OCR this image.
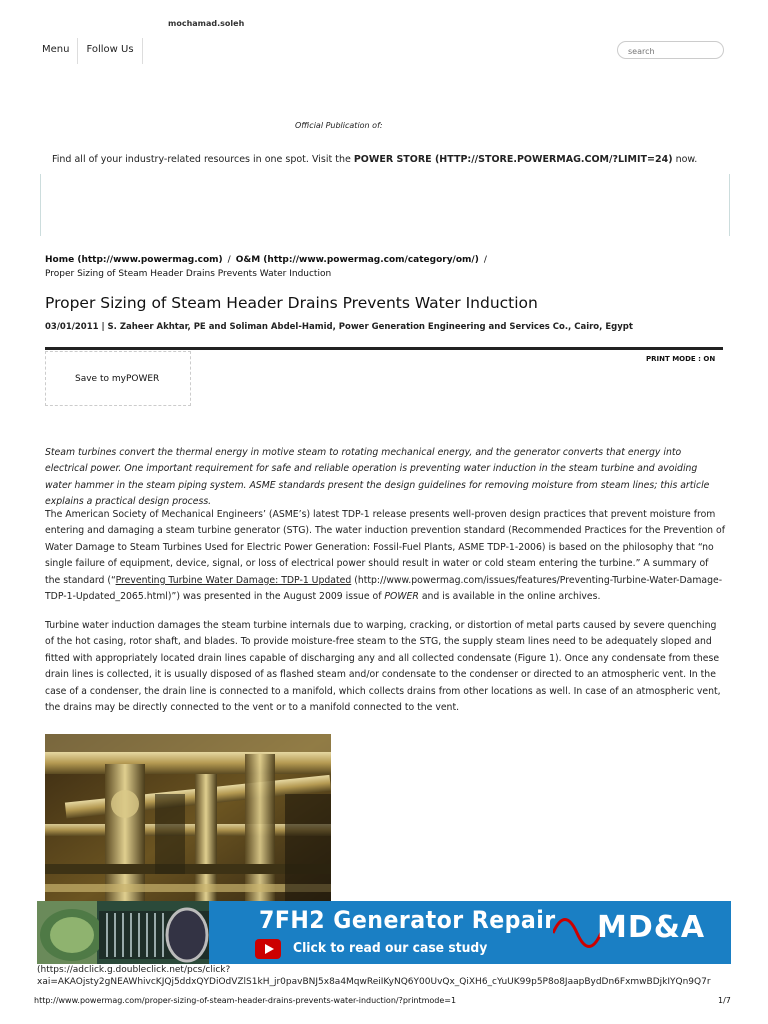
mochamad.soleh
Menu	Follow Us
search
Official Publication of:
Find all of your industry-related resources in one spot. Visit the POWER STORE (HTTP://STORE.POWERMAG.COM/?LIMIT=24) now.
Home (http://www.powermag.com) / O&M (http://www.powermag.com/category/om/) /
Proper Sizing of Steam Header Drains Prevents Water Induction
Proper Sizing of Steam Header Drains Prevents Water Induction
03/01/2011 | S. Zaheer Akhtar, PE and Soliman Abdel-Hamid, Power Generation Engineering and Services Co., Cairo, Egypt
PRINT MODE : ON
Save to myPOWER

Steam turbines convert the thermal energy in motive steam to rotating mechanical energy, and the generator converts that energy into electrical power. One important requirement for safe and reliable operation is preventing water induction in the steam turbine and avoiding water hammer in the steam piping system. ASME standards present the design guidelines for removing moisture from steam lines; this article explains a practical design process.

The American Society of Mechanical Engineers’ (ASME’s) latest TDP-1 release presents well-proven design practices that prevent moisture from entering and damaging a steam turbine generator (STG). The water induction prevention standard (Recommended Practices for the Prevention of Water Damage to Steam Turbines Used for Electric Power Generation: Fossil-Fuel Plants, ASME TDP-1-2006) is based on the philosophy that “no single failure of equipment, device, signal, or loss of electrical power should result in water or cold steam entering the turbine.” A summary of the standard (“Preventing Turbine Water Damage: TDP-1 Updated (http://www.powermag.com/issues/features/Preventing-Turbine-Water-Damage-TDP-1-Updated_2065.html)”) was presented in the August 2009 issue of POWER and is available in the online archives.

Turbine water induction damages the steam turbine internals due to warping, cracking, or distortion of metal parts caused by severe quenching of the hot casing, rotor shaft, and blades. To provide moisture-free steam to the STG, the supply steam lines need to be adequately sloped and fitted with appropriately located drain lines capable of discharging any and all collected condensate (Figure 1). Once any condensate from these drain lines is collected, it is usually disposed of as flashed steam and/or condensate to the condenser or directed to an atmospheric vent. In the case of a condenser, the drain line is connected to a manifold, which collects drains from other locations as well. In case of an atmospheric vent, the drains may be directly connected to the vent or to a manifold connected to the vent.

7FH2 Generator Repair
Click to read our case study
MD&A
(https://adclick.g.doubleclick.net/pcs/click?
xai=AKAOjsty2gNEAWhivcKJQj5ddxQYDiOdVZlS1kH_jr0pavBNJ5x8a4MqwReiIKyNQ6Y00UvQx_QiXH6_cYuUK99p5P8o8JaapBydDn6FxmwBDjkIYQn9Q7r
http://www.powermag.com/proper-sizing-of-steam-header-drains-prevents-water-induction/?printmode=1	1/7
